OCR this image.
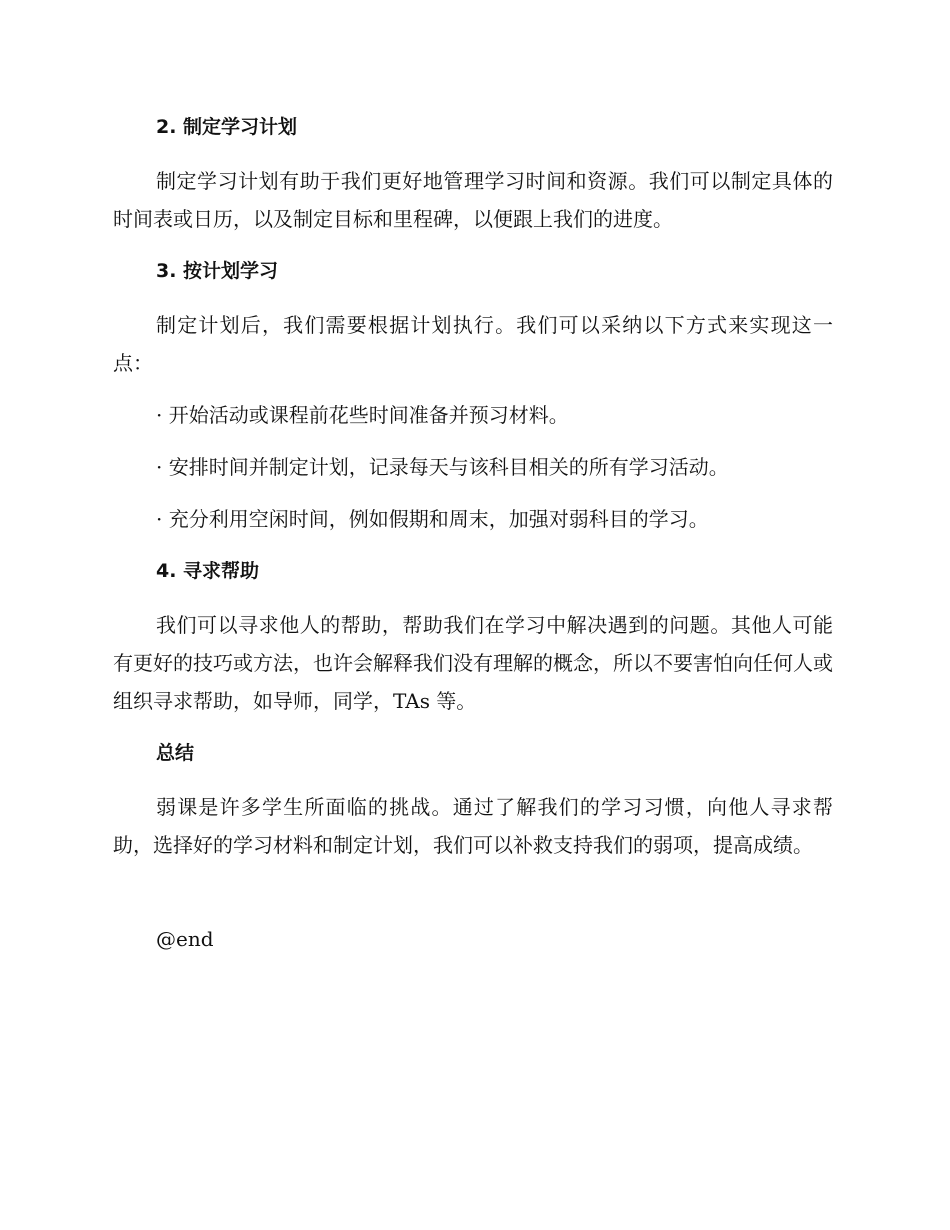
2. 制定学习计划

制定学习计划有助于我们更好地管理学习时间和资源。我们可以制定具体的时间表或日历，以及制定目标和里程碑，以便跟上我们的进度。

3. 按计划学习

制定计划后，我们需要根据计划执行。我们可以采纳以下方式来实现这一点：

· 开始活动或课程前花些时间准备并预习材料。
· 安排时间并制定计划，记录每天与该科目相关的所有学习活动。
· 充分利用空闲时间，例如假期和周末，加强对弱科目的学习。
4. 寻求帮助

我们可以寻求他人的帮助，帮助我们在学习中解决遇到的问题。其他人可能有更好的技巧或方法，也许会解释我们没有理解的概念，所以不要害怕向任何人或组织寻求帮助，如导师，同学，TAs 等。

总结

弱课是许多学生所面临的挑战。通过了解我们的学习习惯，向他人寻求帮助，选择好的学习材料和制定计划，我们可以补救支持我们的弱项，提高成绩。

@end
